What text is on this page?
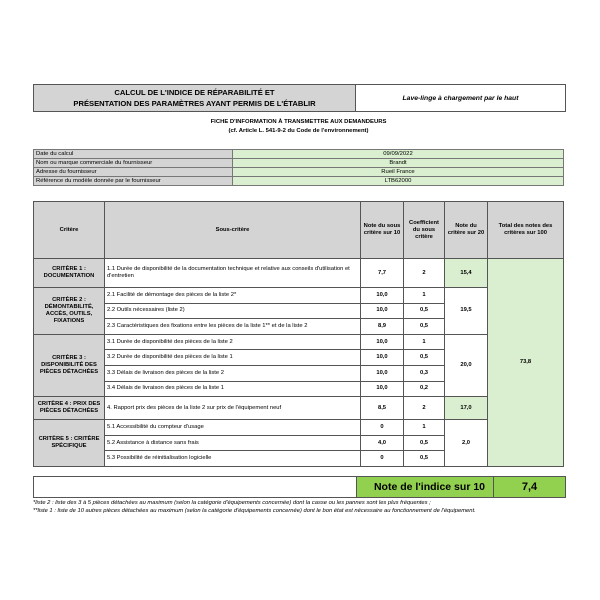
CALCUL DE L'INDICE DE RÉPARABILITÉ ET
PRÉSENTATION DES PARAMÈTRES AYANT PERMIS DE L'ÉTABLIR
Lave-linge à chargement par le haut
FICHE D'INFORMATION À TRANSMETTRE AUX DEMANDEURS
(cf. Article L. 541-9-2 du Code de l'environnement)
Date du calcul	09/09/2022
Nom ou marque commerciale du fournisseur	Brandt
Adresse du fournisseur	Rueil France
Référence du modèle donnée par le fournisseur	LTB62000
Critère	Sous-critère	Note du sous critère sur 10	Coefficient du sous critère	Note du critère sur 20	Total des notes des critères sur 100
CRITÈRE 1 : DOCUMENTATION	1.1 Durée de disponibilité de la documentation technique et relative aux conseils d'utilisation et d'entretien	7,7	2	15,4	73,8
CRITÈRE 2 : DÉMONTABILITÉ, ACCÈS, OUTILS, FIXATIONS	2.1 Facilité de démontage des pièces de la liste 2*	10,0	1	19,5	
	2.2 Outils nécessaires (liste 2)	10,0	0,5		
	2.3 Caractéristiques des fixations entre les pièces de la liste 1** et de la liste 2	8,9	0,5		
CRITÈRE 3 : DISPONIBILITÉ DES PIÈCES DÉTACHÉES	3.1 Durée de disponibilité des pièces de la liste 2	10,0	1	20,0	
	3.2 Durée de disponibilité des pièces de la liste 1	10,0	0,5		
	3.3 Délais de livraison des pièces de la liste 2	10,0	0,3		
	3.4 Délais de livraison des pièces de la liste 1	10,0	0,2		
CRITÈRE 4 : PRIX DES PIÈCES DÉTACHÉES	4. Rapport prix des pièces de la liste 2 sur prix de l'équipement neuf	8,5	2	17,0	
CRITÈRE 5 : CRITÈRE SPÉCIFIQUE	5.1 Accessibilité du compteur d'usage	0	1	2,0	
	5.2 Assistance à distance sans frais	4,0	0,5		
	5.3 Possibilité de réinitialisation logicielle	0	0,5		
Note de l'indice sur 10	7,4

*liste 2 : liste des 3 à 5 pièces détachées au maximum (selon la catégorie d'équipements concernée) dont la casse ou les pannes sont les plus fréquentes ;

**liste 1 : liste de 10 autres pièces détachées au maximum (selon la catégorie d'équipements concernée) dont le bon état est nécessaire au fonctionnement de l'équipement.
